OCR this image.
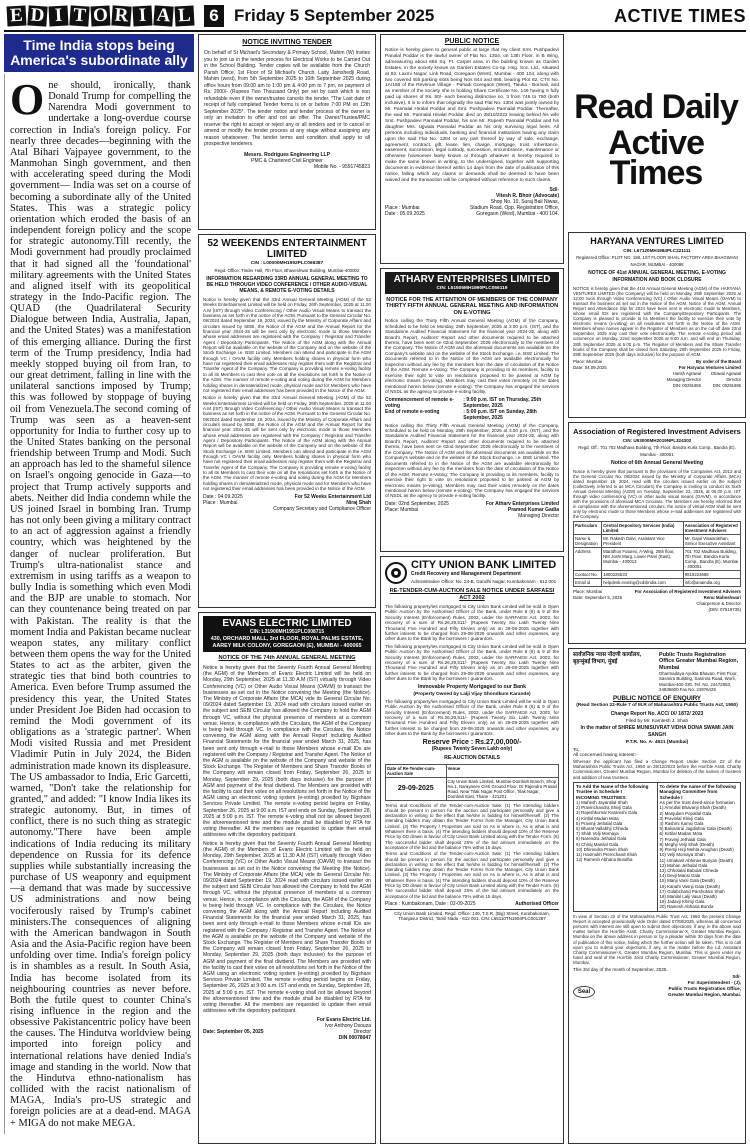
E D I T O R I A L	6 Friday 5 September 2025	ACTIVE TIMES
Time India stops being America's subordinate ally
One should, ironically, thank Donald Trump for compelling the Narendra Modi government to undertake a long-overdue course correction in India's foreign policy. For nearly three decades—beginning with the Atal Bihari Vajpayee government, to the Manmohan Singh government, and then with accelerating speed during the Modi government— India was set on a course of becoming a subordinate ally of the United States. This was a strategic policy orientation which eroded the basis of an independent foreign policy and the scope for strategic autonomy.Till recently, the Modi government had proudly proclaimed that it had signed all the 'foundational' military agreements with the United States and aligned itself with its geopolitical strategy in the Indo-Pacific region. The QUAD (the Quadrilateral Security Dialogue between India, Australia, Japan, and the United States) was a manifestation of this emerging alliance. During the first term of the Trump presidency, India had meekly stopped buying oil from Iran, to our great detriment, falling in line with the unilateral sanctions imposed by Trump; this was followed by stoppage of buying oil from Venezuela.The second coming of Trump was seen as a heaven-sent opportunity for India to further cosy up to the United States banking on the personal friendship between Trump and Modi. Such an approach has led to the shameful silence on Israel's ongoing genocide in Gaza—to project that Trump actively supports and abets. Neither did India condemn while the US joined Israel in bombing Iran. Trump has not only been giving a military contract to an act of aggression against a friendly country, which was heightened by the danger of nuclear proliferation. But Trump's ultra-nationalist stance and extremism in using tariffs as a weapon to bully India is something which even Modi and the BJP are unable to stomach. Nor can they countenance being treated on par with Pakistan. The reality is that the moment India and Pakistan became nuclear weapon states, any military conflict between them opens the way for the United States to act as the arbiter, given the strategic ties that bind both countries to America. Even before Trump assumed the presidency this year, the United States under President Joe Biden had occasion to remind the Modi government of its obligations as a 'strategic partner'. When Modi visited Russia and met President Vladimir Putin in July 2024, the Biden administration made known its displeasure. The US ambassador to India, Eric Garcetti, warned, "Don't take the relationship for granted," and added: "I know India likes its strategic autonomy. But, in times of conflict, there is no such thing as strategic autonomy."There have been ample indications of India reducing its military dependence on Russia for its defence supplies while substantially increasing the purchase of US weaponry and equipment—a demand that was made by successive US administrations and now being vociferously raised by Trump's cabinet ministers.The consequences of aligning with the American bandwagon in South Asia and the Asia-Pacific region have been unfolding over time. India's foreign policy is in shambles as a result. In South Asia, India has become isolated from its neighbouring countries as never before. Both the futile quest to counter China's rising influence in the region and the obsessive Pakistancentric policy have been the causes. The Hindutva worldview being imported into foreign policy and international relations have denied India's image and standing in the world. Now that the Hindutva ethno-nationalism has collided with the racist nationalism of MAGA, India's pro-US strategic and foreign policies are at a dead-end. MAGA + MIGA do not make MEGA.
NOTICE INVITING TENDER

On behalf of St Michael's Secondary & Primary School, Mahim (W) invites you to join us in the tender process for Electrical Works to be Carried Out in the School Building. Tender copies will be available from the Church Parish Office, 1st Floor of St Michael's Church, Lady Jamshedji Road, Mahim (west), from 5th September 2025 to 10th September 2025 during office hours from 09:00 am to 1:00 pm & 4:00 pm to 7 pm, on payment of Rs. 2000/- (Rupees Two Thousand Only) per set by cash which is non refundable even if the owner/trustee cancels the tender. *The Last date of receipt of fully completed Tender forms is on or before 7:00 PM on 12th September 2025*. The tender notice and tender process of the owner is only an invitation to offer and not an offer. The Owner/Trustee/PMC reserve the right to accept or reject any or all tenders and or to cancel or amend or modify the tender process at any stage without assigning any reason whatsoever. The tender terms and condition shall apply to all prospective tenderers.

Messrs. Rodrigues Engineering LLP
PMC & Chartered Civil Engineer
Mobile No. - 9591745823
52 WEEKENDS ENTERTAINMENT LIMITED
CIN : L00000MH1992PLC066387
Regd. Office: Tinder Hall, 7th Floor, Bhaveshwar Building, Mumbai-400002
INFORMATION REGARDING 33RD ANNUAL GENERAL MEETING TO BE HELD THROUGH VIDEO CONFERENCE / OTHER AUDIO-VISUAL MEANS, & REMOTE E-VOTING DETAILS

Notice is hereby given that the 33rd Annual General Meeting (AGM) of the 52 Weeks Entertainment Limited will be held on Friday, 26th September, 2025 at 11.00 A.M (IST) through Video Conferencing / Other Audio Visual Means to transact the business as set forth in the notice of the AGM. Pursuant to the General Circular No. 09/2024 dated September 19, 2024, issued by the Ministry of Corporate Affairs and circulars issued by SEBI, the Notice of the AGM and the Annual Report for the financial year 2024-25 will be sent only by electronic mode to those Members whose email addresses are registered with the Company / Registrar and Transfer Agent / Depository Participants. The Notice of the AGM along with the Annual Report will be available on the website of the Company and on the website of the Stock Exchange i.e. BSE Limited. Members can attend and participate in the AGM through VC / OAVM facility only. Members holding shares in physical form who have not registered their email addresses may register them with the Registrar and Transfer Agent of the Company. The Company is providing remote e-voting facility to all its Members to cast their vote on all the resolutions set forth in the Notice of the AGM. The manner of remote e-voting and voting during the AGM for Members holding shares in dematerialized mode, physical mode and for Members who have not registered their email addresses has been provided in the Notice of the AGM.

Notice is hereby given that the 33rd Annual General Meeting (AGM) of the 52 Weeks Entertainment Limited will be held on Friday, 26th September, 2025 at 11.00 A.M (IST) through Video Conferencing / Other Audio Visual Means to transact the business as set forth in the notice of the AGM. Pursuant to the General Circular No. 09/2024 dated September 19, 2024, issued by the Ministry of Corporate Affairs and circulars issued by SEBI, the Notice of the AGM and the Annual Report for the financial year 2024-25 will be sent only by electronic mode to those Members whose email addresses are registered with the Company / Registrar and Transfer Agent / Depository Participants. The Notice of the AGM along with the Annual Report will be available on the website of the Company and on the website of the Stock Exchange i.e. BSE Limited. Members can attend and participate in the AGM through VC / OAVM facility only. Members holding shares in physical form who have not registered their email addresses may register them with the Registrar and Transfer Agent of the Company. The Company is providing remote e-voting facility to all its Members to cast their vote on all the resolutions set forth in the Notice of the AGM. The manner of remote e-voting and voting during the AGM for Members holding shares in dematerialized mode, physical mode and for Members who have not registered their email addresses has been provided in the Notice of the AGM.

Date : 04.09.2025
Place : Mumbai
For 52 Weeks Entertainment Ltd
Niraj Shah
Company Secretary and Compliance Officer
EVANS ELECTRIC LIMITED
CIN: L31900MH1951PLC008715
430, ORCHARD MALL, 3rd FLOOR, ROYAL PALMS ESTATE, AAREY MILK COLONY, GOREGAON (E), MUMBAI - 400065
NOTICE OF THE 74th ANNUAL GENERAL MEETING

Notice is hereby given that the Seventy Fourth Annual General Meeting (the AGM) of the Members of Evans Electric Limited will be held on Monday, 29th September, 2025 at 11.30 A.M (IST) virtually through Video Conferencing (VC) or Other Audio Visual Means (OAVM) to transact the businesses as set out in the Notice convening the Meeting (the Notice). The Ministry of Corporate Affairs (the MCA) vide its General Circular No. 09/2024 dated September 19, 2024 read with circulars issued earlier on the subject and SEBI Circular has allowed the Company to hold the AGM through VC, without the physical presence of members at a common venue. Hence, in compliance with the Circulars, the AGM of the Company is being held through VC. In compliance with the Circulars, the Notice convening the AGM along with the Annual Report including Audited Financial Statements for the financial year ended March 31, 2025, has been sent only through e-mail to those Members whose e-mail IDs are registered with the Company / Registrar and Transfer Agent. The Notice of the AGM is available on the website of the Company and website of the Stock Exchange. The Register of Members and Share Transfer Books of the Company will remain closed from Friday, September 26, 2025 to Monday, September 29, 2025 (both days inclusive) for the purpose of AGM and payment of the final dividend. The Members are provided with the facility to cast their votes on all resolutions set forth in the Notice of the AGM using an electronic voting system (e-voting) provided by Bigshare Services Private Limited. The remote e-voting period begins on Friday, September 26, 2025 at 9:00 a.m. IST and ends on Sunday, September 28, 2025 at 5:00 p.m. IST. The remote e-voting shall not be allowed beyond the aforementioned time and the module shall be disabled by RTA for voting thereafter. All the members are requested to update their email addresses with the depository participant.

Notice is hereby given that the Seventy Fourth Annual General Meeting (the AGM) of the Members of Evans Electric Limited will be held on Monday, 29th September, 2025 at 11.30 A.M (IST) virtually through Video Conferencing (VC) or Other Audio Visual Means (OAVM) to transact the businesses as set out in the Notice convening the Meeting (the Notice). The Ministry of Corporate Affairs (the MCA) vide its General Circular No. 09/2024 dated September 19, 2024 read with circulars issued earlier on the subject and SEBI Circular has allowed the Company to hold the AGM through VC, without the physical presence of members at a common venue. Hence, in compliance with the Circulars, the AGM of the Company is being held through VC. In compliance with the Circulars, the Notice convening the AGM along with the Annual Report including Audited Financial Statements for the financial year ended March 31, 2025, has been sent only through e-mail to those Members whose e-mail IDs are registered with the Company / Registrar and Transfer Agent. The Notice of the AGM is available on the website of the Company and website of the Stock Exchange. The Register of Members and Share Transfer Books of the Company will remain closed from Friday, September 26, 2025 to Monday, September 29, 2025 (both days inclusive) for the purpose of AGM and payment of the final dividend. The Members are provided with the facility to cast their votes on all resolutions set forth in the Notice of the AGM using an electronic voting system (e-voting) provided by Bigshare Services Private Limited. The remote e-voting period begins on Friday, September 26, 2025 at 9:00 a.m. IST and ends on Sunday, September 28, 2025 at 5:00 p.m. IST. The remote e-voting shall not be allowed beyond the aforementioned time and the module shall be disabled by RTA for voting thereafter. All the members are requested to update their email addresses with the depository participant.

For Evans Electric Ltd.
Ivor Anthony Dsouza
Date: September 05, 2025	Director
DIN 00078047
PUBLIC NOTICE

Notice is hereby given to general public at large that my client Smt. Pushpadevi Panalal Poddar is the lawful owner of Flat No. 1304, on 13th Floor, in B Wing, admeasuring about 665 Sq. Ft. Carpet area, in the building known as Garden Estates, in the society known as Garden Estates Co-op. Hsg. Soc. Ltd., situated at 82, Laxmi Nagar, Link Road, Goregaon (West), Mumbai - 400 104, along with two covered stilt parking slots being Nos 844 and 865, bearing Plot 82, CTS No. 1A/158 of the Revenue Village - Pahadi Goregaon (West), Taluka - Borivali, and as member of the society she is holding Share Certificate No. 149 having 5 fully paid up shares of Rs. 50/- each bearing distinctive no. 3 from 746 to 750 (both inclusive). It is to inform that originally the said Flat No. 1304 was jointly owned by Mr. Pannalal Hiralal Poddar and Smt. Pushpadevi Pannalal Poddar. Thereafter, the said Mr. Pannalal Hiralal Poddar died on 28/10/2022 leaving behind his wife Smt. Pushpadevi Pannalal Poddar, his son Mr. Rupesh Pannalal Poddar and his daughter Mrs. Ujjwala Pannalal Poddar as his only surviving legal heirs. All persons including individuals, banking and financial institutions having any claim upon the said Flat No. 1304 or any part thereof by way of sale, exchange, agreement, contract, gift, lease, lien, charge, mortgage, trust, inheritance, easement, succession, legal custody, succession, encumbrance, maintenance or otherwise howsoever lately known or through whatever is hereby required to make the same known in writing, to the undersigned, together with supporting documents in evidence thereof within 14 days from the date of publication of this notice, failing which any claims or demands shall be deemed to have been waived and the transaction will be completed without reference to such claims.

Sd/-
Vitesh R. Bhoir (Advocate)
Shop No. 10, Suraj Bali Niwas,
Stadium Road, Opp. Registration Office,
Goregaon (West), Mumbai - 400 104.
Place : Mumbai
Date : 05.09.2025
ATHARV ENTERPRISES LIMITED
CIN: L51505MH1990PLC056119
NOTICE FOR THE ATTENTION OF MEMBERS OF THE COMPANY THIRTY FIFTH ANNUAL GENERAL MEETING AND INFORMATION ON E-VOTING

Notice calling the Thirty Fifth Annual General Meeting (AGM) of the Company, scheduled to be held on Monday, 29th September, 2025 at 3.00 p.m. (IST), and the Standalone Audited Financial Statement for the financial year 2024-25, along with Board's Report, Auditors' Report and other documents required to be attached thereto, have been sent on 02nd September, 2025 electronically to the members of the Company. The Notice of AGM and the aforesaid documents are available on the Company's website and on the website of the Stock Exchange, i.e. BSE Limited. The documents referred to in the Notice of the AGM are available electronically for inspection without any fee by the members from the date of circulation of the Notice of the AGM. Remote e-Voting: The Company is providing to its members, facility to exercise their right to vote on resolutions proposed to be passed at AGM by electronic means (e-voting). Members may cast their votes remotely on the dates mentioned herein below (remote e-voting). The Company has engaged the services of NSDL as the agency to provide e-voting facility.

Commencement of remote e-voting
: 9:00 p.m. IST on Thursday, 25th September, 2025
End of remote e-voting	: 5:00 p.m. IST on Sunday, 28th September, 2025

Notice calling the Thirty Fifth Annual General Meeting (AGM) of the Company, scheduled to be held on Monday, 29th September, 2025 at 3.00 p.m. (IST), and the Standalone Audited Financial Statement for the financial year 2024-25, along with Board's Report, Auditors' Report and other documents required to be attached thereto, have been sent on 02nd September, 2025 electronically to the members of the Company. The Notice of AGM and the aforesaid documents are available on the Company's website and on the website of the Stock Exchange, i.e. BSE Limited. The documents referred to in the Notice of the AGM are available electronically for inspection without any fee by the members from the date of circulation of the Notice of the AGM. Remote e-Voting: The Company is providing to its members, facility to exercise their right to vote on resolutions proposed to be passed at AGM by electronic means (e-voting). Members may cast their votes remotely on the dates mentioned herein below (remote e-voting). The Company has engaged the services of NSDL as the agency to provide e-voting facility.

Date: 02nd September, 2025
Place: Mumbai
For Atharv Enterprises Limited
Pramod Kumar Gadia
Managing Director
CITY UNION BANK LIMITED
Credit Recovery and Management Department
Administrative Office: No. 24-B, Gandhi Nagar, Kumbakonam - 612 001
RE-TENDER-CUM-AUCTION SALE NOTICE UNDER SARFAESI ACT 2002

The following property/ies mortgaged to City Union Bank Limited will be sold in Open Public Auction by the Authorised Officer of the Bank, under Rule 8 (6) & 9 of the Security Interest (Enforcement) Rules, 2002, under the SARFAESI Act, 2002, for recovery of a sum of Rs.26,29,511/- (Rupees Twenty Six Lakh Twenty Nine Thousand Five Hundred and Fifty Eleven only) as on 28-08-2025 together with further interest to be charged from 29-08-2025 onwards and other expenses, any other dues to the Bank by the borrowers / guarantors.

The following property/ies mortgaged to City Union Bank Limited will be sold in Open Public Auction by the Authorised Officer of the Bank, under Rule 8 (6) & 9 of the Security Interest (Enforcement) Rules, 2002, under the SARFAESI Act, 2002, for recovery of a sum of Rs.26,29,511/- (Rupees Twenty Six Lakh Twenty Nine Thousand Five Hundred and Fifty Eleven only) as on 28-08-2025 together with further interest to be charged from 29-08-2025 onwards and other expenses, any other dues to the Bank by the borrowers / guarantors.

Immovable Property Mortgaged to our Bank
(Property Owned by Lalji Vijay Shondkum Karande)

The following property/ies mortgaged to City Union Bank Limited will be sold in Open Public Auction by the Authorised Officer of the Bank, under Rule 8 (6) & 9 of the Security Interest (Enforcement) Rules, 2002, under the SARFAESI Act, 2002, for recovery of a sum of Rs.26,29,511/- (Rupees Twenty Six Lakh Twenty Nine Thousand Five Hundred and Fifty Eleven only) as on 28-08-2025 together with further interest to be charged from 29-08-2025 onwards and other expenses, any other dues to the Bank by the borrowers / guarantors.

Reserve Price : Rs.27,00,000/-
(Rupees Twenty Seven Lakh only)
RE-AUCTION DETAILS
Date of Re-Tender-cum-Auction Sale	Venue
29-09-2025	City Union Bank Limited, Mumbai-Dombivli Branch, Shop No.1, Narayanee CHS Ground Floor, Dr Rajendra Prasad Road, Near Tilak Nagar Post Office, Tilak Nagar, Dombivli East, Thane - 421201

Terms and Conditions of the Tender-cum-Auction Sale: (1) The intending bidders should be present in person for the auction and participate personally and give a declaration in writing to the effect that he/she is bidding for himself/herself. (2) The intending bidders may obtain the Tender Forms from the Manager, City Union Bank Limited. (3) The Property / Properties are sold on As is where is, As is what is and Whatever there is basis. (4) The intending bidders should deposit 10% of the Reserve Price by DD drawn in favour of City Union Bank Limited along with the Tender Form. (5) The successful bidder shall deposit 25% of the bid amount immediately on the acceptance of the bid and the balance 75% within 15 days.

Terms and Conditions of the Tender-cum-Auction Sale: (1) The intending bidders should be present in person for the auction and participate personally and give a declaration in writing to the effect that he/she is bidding for himself/herself. (2) The intending bidders may obtain the Tender Forms from the Manager, City Union Bank Limited. (3) The Property / Properties are sold on As is where is, As is what is and Whatever there is basis. (4) The intending bidders should deposit 10% of the Reserve Price by DD drawn in favour of City Union Bank Limited along with the Tender Form. (5) The successful bidder shall deposit 25% of the bid amount immediately on the acceptance of the bid and the balance 75% within 15 days.

Place : Kumbakonam, Date : 02-09-2025	Authorised Officer
City Union Bank Limited, Regd. Office: 149, T.S.R. (Big) Street, Kumbakonam, Thanjavur District, Tamil Nadu - 612 001. CIN: L65110TN1904PLC001287
Read Daily
Active Times
HARYANA VENTURES LIMITED
CIN: L67120MH1984PLC221111
Registered Office: PLOT NO. 198, 1ST FLOOR SHAIL FACTORY AREA BHAGWANI NAGAR, MUMBAI - 400088
NOTICE OF 41st ANNUAL GENERAL MEETING, E-VOTING INFORMATION AND BOOK CLOSURE

NOTICE is hereby given that the 41st Annual General Meeting (AGM) of the HARYANA VENTURES LIMITED (the Company) will be held on Monday, 29th September 2025 at 12:00 noon through Video Conferencing (VC) / Other Audio Visual Means (OAVM) to transact the business as set out in the Notice of the AGM. Notice of the AGM, Annual Report and Attendance Slip for 2024 have been sent in electronic mode to Members, whose email IDs are registered with the Company/Depository Participants. The Company is pleased to provide to its Members the facility to exercise their vote by electronic means (e-voting) on all resolutions set forth in the Notice of the AGM. Members whose names appear in the Register of Members as on the cut-off date 22nd September, 2025 may cast their vote electronically. The remote e-voting period will commence on Monday, 22nd September 2025 at 9.00 a.m. and will end on Thursday, 28th September 2025 at 5.00 p.m. The Register of Members and the Share Transfer books of the Company shall be closed from Saturday, 20th September 2025 to Friday, 29th September 2025 (both days inclusive) for the purpose of AGM.

Place: Mumbai
Date: 04.09.2025
By order of the Board
For Haryana Ventures Limited
Harish Agrawal
Managing Director
DIN: 00291656
Dhawal Agrawal
Director
DIN: 00291686
Association of Registered Investment Advisers
CIN: U93000MH2019NPL324302
Regd. Off.: 701 702 Madhava Building, 7th Floor, Bandra Kurla Comp., Bandra (E), Mumbai - 400051
Notice of 6th Annual General Meeting

Notice is hereby given that pursuant to the provisions of the Companies Act, 2013 and the General Circular No. 09/2024 issued by the Ministry of Corporate Affairs (MCA) dated September 19, 2024, read with the circulars issued earlier on the subject (collectively referred to as MCA Circulars) the Company is inviting to conduct its Sixth Annual General Meeting (AGM) on Tuesday, September 23, 2025, at 06.00 p.m. IST through video conferencing (VC) or other audio visual means (OAVM), in accordance with the provisions of aforesaid MCA Circulars. The Members are hereby informed that in compliance with the aforementioned circulars, the notice of virtual AGM shall be sent only by electronic mode to those Members whose e-mail addresses are registered with the Company.

Particulars	Central Depository Services (India) Limited	Association of Registered Investment Advisers
Name & Designation	Mr. Rakesh Dalvi, Assistant Vice President	Mr. Gajul Viswanathan, Senior Executive Assistant
Address	Marathon Futurex, A-Wing, 25th floor, NM Joshi Marg, Lower Parel (East), Mumbai - 400013	701 702 Madhava Building, 7th Floor, Bandra Kurla Comp., Bandra (E), Mumbai - 400051
Contact No.	1800225533	9819223686
Email id	helpdesk.evoting@cdslindia.com	info@ariaindia.org
Place: Mumbai
Date: September 5, 2025
For Association of Registered Investment Advisers
Renu Maheshwari
Chairperson & Director
(DIN: 07519735)
सार्वजनिक न्यास नोंदणी कार्यालय, बृहन्मुंबई विभाग, मुंबई
Public Trusts Registration Office Greater Mumbai Region, Mumbai
Dharmadaya Ayukta Bhavan, First Floor, Sasmira Building, Sasmira Road, Worli, Mumbai-400 030. Tel. No. 24472853, 24936600 Fax No. 24976425
PUBLIC NOTICE OF ENQUIRY
(Read Section 22-Rule 7 of M.R of Maharashtra Public Trusts Act, 1950)
Change Report No. ACC/ IX/ 1872/ 2023
Filed by Mr. Kamlesh J. Shah
In the matter of SHREE MUNISUVRAT VIDHA DONA SWAMI JAIN SANGH
P.T.R. No. A- 4921 (Mumbai)
To,
All concerned having interest:-

Whereas the applicant has filed a Change Report Under Section 22 of the Maharashtra Public Trusts Act, 1950 on 28/12/2023 before the Hon'ble Asstt. Charity Commissioner, Greater Mumbai Region, Mumbai for deletion of the names of trustees and addition of new trustees.

To Add the Name of the following Trustee in Schedule I
INCOMING TRUSTEES:
1) Mahesh Jayantilal Shah
2) Pravinchandra Shivji Gala
3) Rajeshkumar Karamshi Gala
4) Kirtilal Madan Mota
5) Pravinji Jethalal Gala
6) Bharat Vallabhji Chheda
7) Shah Velji Momaya
8) Narendra Jethalal Gala
9) Chiraj Manilal Gala
10) Dhirendra Pravin Shah
11) Hasmukh Premchand Shah
12) Ramesh Abhana Bundha
To delete the name of the following Managing Committee from Schedule I
As per the trust deed-since formation
1) Amrutlal Bhavanji Shah (Death)
2) Manjuben Popatlal Gala
3) Pravinlal Shivji Gala
4) Rashmi Kamsi Gala
5) Balvantrai Jagdishrai Gala (Death)
6) Kirtilal Madan Mota
7) Pravinji Jethalal Gala
8) Meghji Velji Shah (Death)
9) Premji Hirji Mehta Anughan (Death)
10) Velji Momaya Shah
11) Umakant Abhinav Bunyan (Death)
12) Mohan Jethalal Gala
13) Chhotalal Babulal Chheda
14) Devji Mansi Gala
15) Manji Varsi Gala (Death)
16) Kanahi Vasnji Gala (Death)
17) Gulabchand Parshotam Shah
18) Manilal Lalji Vasa (Death)
19) Jadavji Khimji Gala
20) Ramesh Abhana Bunda

In view of Section 22 of the Maharashtra Public Trust Act, 1950 the present Change Report is accepted provisionally vide Order dated 07/08/2025, whereas all concerned persons with interest are still open to submit their objections, if any, in the above said matter before the Hon'ble Asstt. Charity Commissioner-X, Greater Mumbai Region, Mumbai on the above address in person or by a pleader within 30 days from the date of publication of this notice, failing which the further action will be taken. This is to call upon you to submit your objections, if any, in the matter before the Ld. Assistant Charity Commissioner-X, Greater Mumbai Region, Mumbai. This is given under my hand and seal of the Hon'ble Joint Charity Commissioner, Greater Mumbai Region, Mumbai.

This 3rd day of the month of September, 2025.
Seal
Sd/-
For Superintendent - (J),
Public Trusts Registration Office,
Greater Mumbai Region, Mumbai.
